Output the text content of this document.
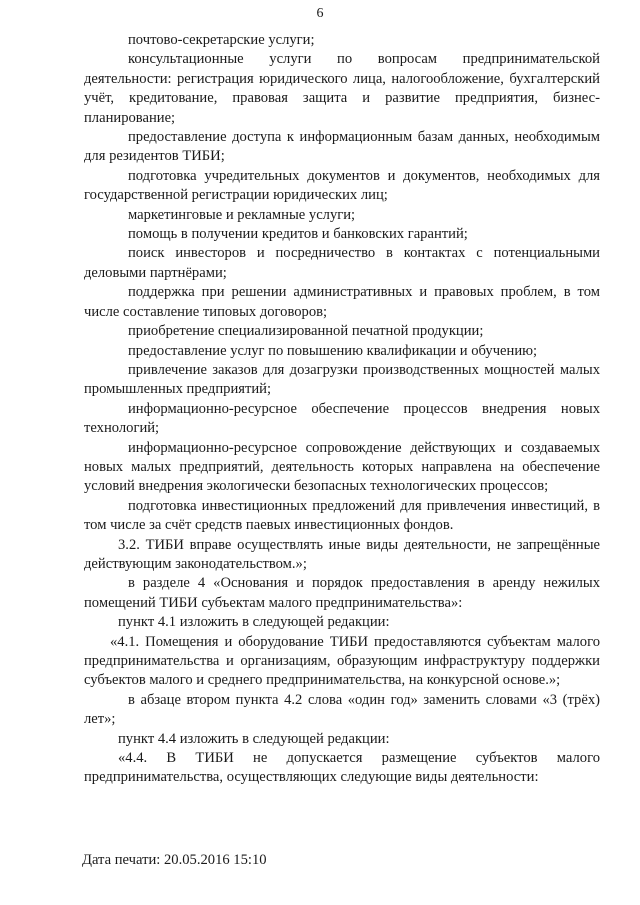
6

почтово-секретарские услуги;

консультационные услуги по вопросам предпринимательской деятельности: регистрация юридического лица, налогообложение, бухгалтерский учёт, кредитование, правовая защита и развитие предприятия, бизнес-планирование;

предоставление доступа к информационным базам данных, необходимым для резидентов ТИБИ;

подготовка учредительных документов и документов, необходимых для государственной регистрации юридических лиц;

маркетинговые и рекламные услуги;

помощь в получении кредитов и банковских гарантий;

поиск инвесторов и посредничество в контактах с потенциальными деловыми партнёрами;

поддержка при решении административных и правовых проблем, в том числе составление типовых договоров;

приобретение специализированной печатной продукции;

предоставление услуг по повышению квалификации и обучению;

привлечение заказов для дозагрузки производственных мощностей малых промышленных предприятий;

информационно-ресурсное обеспечение процессов внедрения новых технологий;

информационно-ресурсное сопровождение действующих и создаваемых новых малых предприятий, деятельность которых направлена на обеспечение условий внедрения экологически безопасных технологических процессов;

подготовка инвестиционных предложений для привлечения инвестиций, в том числе за счёт средств паевых инвестиционных фондов.

3.2. ТИБИ вправе осуществлять иные виды деятельности, не запрещённые действующим законодательством.»;

в разделе 4 «Основания и порядок предоставления в аренду нежилых помещений ТИБИ субъектам малого предпринимательства»:

пункт 4.1 изложить в следующей редакции:

«4.1. Помещения и оборудование ТИБИ предоставляются субъектам малого предпринимательства и организациям, образующим инфраструктуру поддержки субъектов малого и среднего предпринимательства, на конкурсной основе.»;

в абзаце втором пункта 4.2 слова «один год» заменить словами «3 (трёх) лет»;

пункт 4.4 изложить в следующей редакции:

«4.4. В ТИБИ не допускается размещение субъектов малого предпринимательства, осуществляющих следующие виды деятельности:

Дата печати: 20.05.2016 15:10
